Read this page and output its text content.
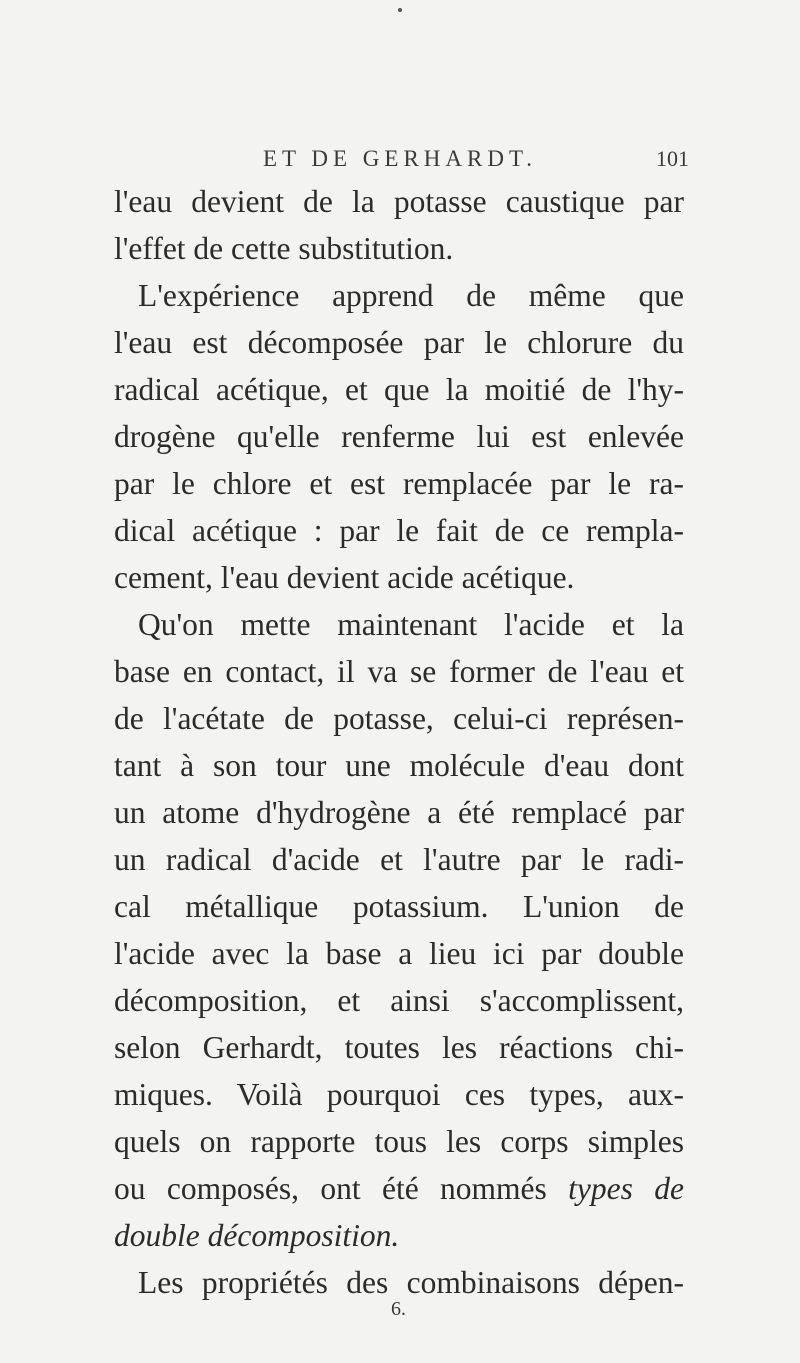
ET DE GERHARDT.	101
l'eau devient de la potasse caustique par
l'effet de cette substitution.
L'expérience apprend de même que
l'eau est décomposée par le chlorure du
radical acétique, et que la moitié de l'hy-
drogène qu'elle renferme lui est enlevée
par le chlore et est remplacée par le ra-
dical acétique : par le fait de ce rempla-
cement, l'eau devient acide acétique.
Qu'on mette maintenant l'acide et la
base en contact, il va se former de l'eau et
de l'acétate de potasse, celui-ci représen-
tant à son tour une molécule d'eau dont
un atome d'hydrogène a été remplacé par
un radical d'acide et l'autre par le radi-
cal métallique potassium. L'union de
l'acide avec la base a lieu ici par double
décomposition, et ainsi s'accomplissent,
selon Gerhardt, toutes les réactions chi-
miques. Voilà pourquoi ces types, aux-
quels on rapporte tous les corps simples
ou composés, ont été nommés types de
double décomposition.
Les propriétés des combinaisons dépen-
6.
